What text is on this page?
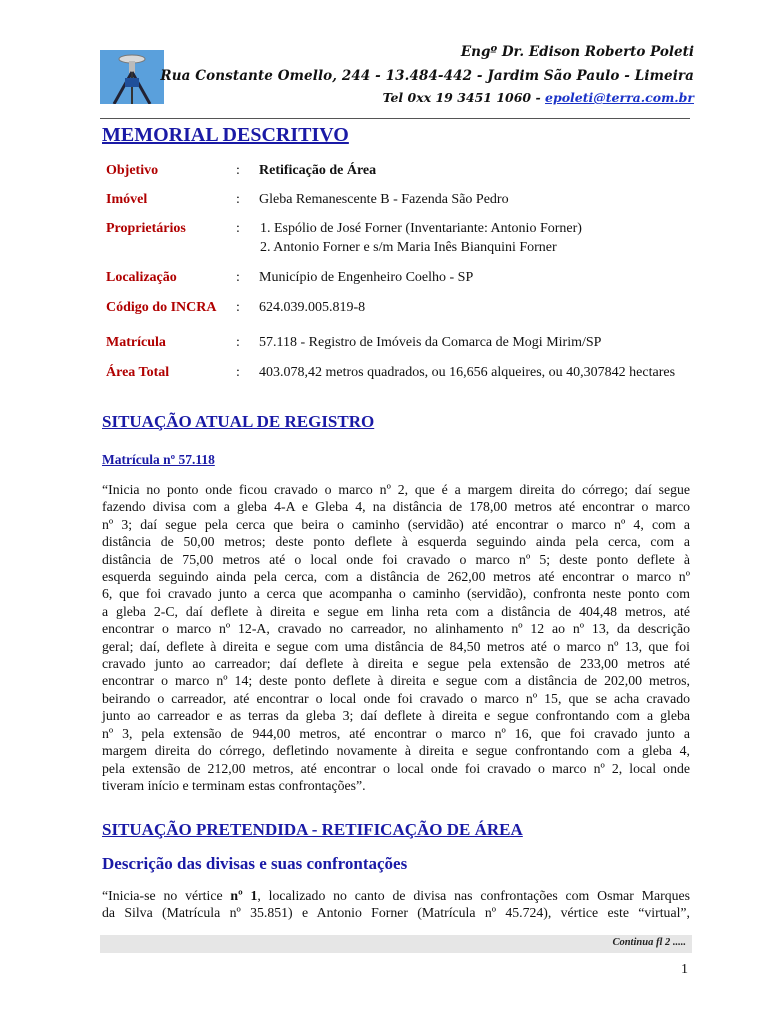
Engº Dr. Edison Roberto Poleti
Rua Constante Omello, 244 - 13.484-442 - Jardim São Paulo - Limeira
Tel 0xx 19 3451 1060 - epoleti@terra.com.br
MEMORIAL DESCRITIVO
Objetivo	: Retificação de Área
Imóvel	: Gleba Remanescente B - Fazenda São Pedro
Proprietários	: 1. Espólio de José Forner (Inventariante: Antonio Forner)
2. Antonio Forner e s/m Maria Inês Bianquini Forner
Localização	: Município de Engenheiro Coelho - SP
Código do INCRA : 624.039.005.819-8
Matrícula	: 57.118 - Registro de Imóveis da Comarca de Mogi Mirim/SP
Área Total	: 403.078,42 metros quadrados, ou 16,656 alqueires, ou 40,307842 hectares
SITUAÇÃO ATUAL DE REGISTRO
Matrícula nº 57.118
“Inicia no ponto onde ficou cravado o marco nº 2, que é a margem direita do córrego; daí segue
fazendo divisa com a gleba 4-A e Gleba 4, na distância de 178,00 metros até encontrar o marco
nº 3; daí segue pela cerca que beira o caminho (servidão) até encontrar o marco nº 4, com a
distância de 50,00 metros; deste ponto deflete à esquerda seguindo ainda pela cerca, com a
distância de 75,00 metros até o local onde foi cravado o marco nº 5; deste ponto deflete à
esquerda seguindo ainda pela cerca, com a distância de 262,00 metros até encontrar o marco nº
6, que foi cravado junto a cerca que acompanha o caminho (servidão), confronta neste ponto com
a gleba 2-C, daí deflete à direita e segue em linha reta com a distância de 404,48 metros, até
encontrar o marco nº 12-A, cravado no carreador, no alinhamento nº 12 ao nº 13, da descrição
geral; daí, deflete à direita e segue com uma distância de 84,50 metros até o marco nº 13, que foi
cravado junto ao carreador; daí deflete à direita e segue pela extensão de 233,00 metros até
encontrar o marco nº 14; deste ponto deflete à direita e segue com a distância de 202,00 metros,
beirando o carreador, até encontrar o local onde foi cravado o marco nº 15, que se acha cravado
junto ao carreador e as terras da gleba 3; daí deflete à direita e segue confrontando com a gleba
nº 3, pela extensão de 944,00 metros, até encontrar o marco nº 16, que foi cravado junto a
margem direita do córrego, defletindo novamente à direita e segue confrontando com a gleba 4,
pela extensão de 212,00 metros, até encontrar o local onde foi cravado o marco nº 2, local onde
tiveram início e terminam estas confrontações”.
SITUAÇÃO PRETENDIDA - RETIFICAÇÃO DE ÁREA
Descrição das divisas e suas confrontações
“Inicia-se no vértice nº 1, localizado no canto de divisa nas confrontações com Osmar Marques
da Silva (Matrícula nº 35.851) e Antonio Forner (Matrícula nº 45.724), vértice este “virtual”,
Continua fl 2 .....
1
